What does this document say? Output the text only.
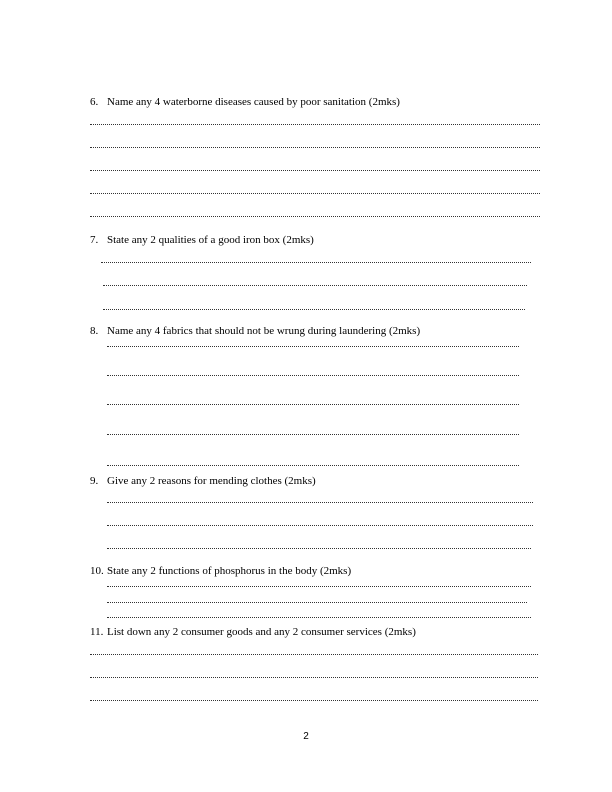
6. Name any 4 waterborne diseases caused by poor sanitation (2mks)
7. State any 2 qualities of a good iron box (2mks)
8. Name any 4 fabrics that should not be wrung during laundering (2mks)
9. Give any 2 reasons for mending clothes (2mks)
10. State any 2 functions of phosphorus in the body (2mks)
11. List down any 2 consumer goods and any 2 consumer services (2mks)
2
